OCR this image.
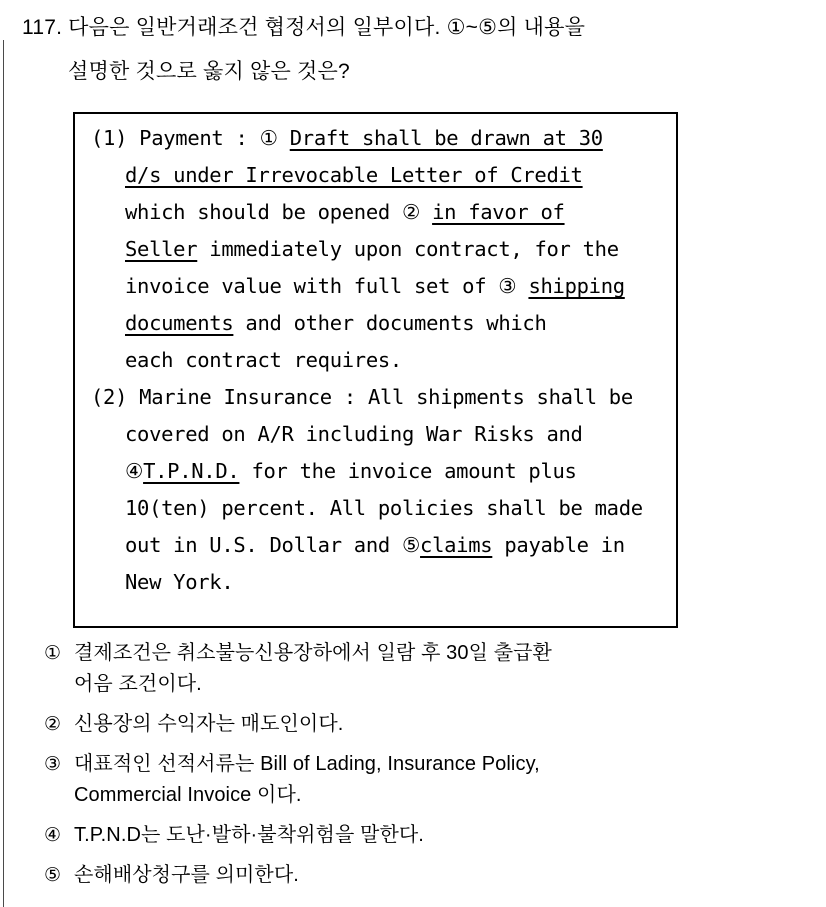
117. 다음은 일반거래조건 협정서의 일부이다. ①~⑤의 내용을
설명한 것으로 옳지 않은 것은?
(1) Payment : ① Draft shall be drawn at 30
d/s under Irrevocable Letter of Credit
which should be opened ② in favor of
Seller immediately upon contract, for the
invoice value with full set of ③ shipping
documents and other documents which
each contract requires.
(2) Marine Insurance : All shipments shall be
covered on A/R including War Risks and
④T.P.N.D. for the invoice amount plus
10(ten) percent. All policies shall be made
out in U.S. Dollar and ⑤claims payable in
New York.
① 결제조건은 취소불능신용장하에서 일람 후 30일 출급환
어음 조건이다.
② 신용장의 수익자는 매도인이다.
③ 대표적인 선적서류는 Bill of Lading, Insurance Policy,
Commercial Invoice 이다.
④ T.P.N.D는 도난·발하·불착위험을 말한다.
⑤ 손해배상청구를 의미한다.
